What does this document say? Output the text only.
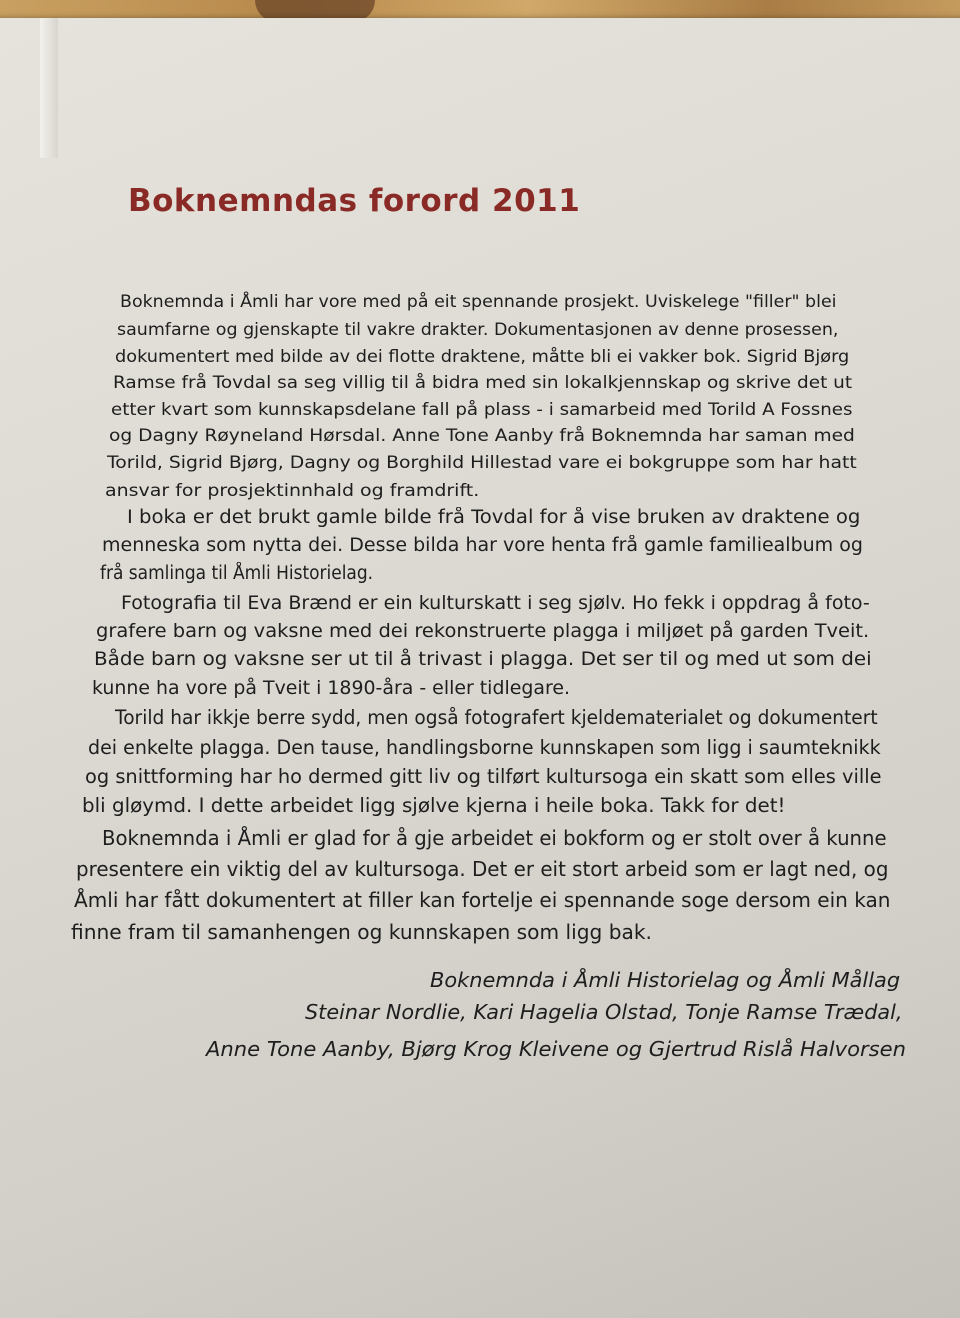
Boknemndas forord 2011
Boknemnda i Åmli har vore med på eit spennande prosjekt. Uviskelege "filler" blei
saumfarne og gjenskapte til vakre drakter. Dokumentasjonen av denne prosessen,
dokumentert med bilde av dei flotte draktene, måtte bli ei vakker bok. Sigrid Bjørg
Ramse frå Tovdal sa seg villig til å bidra med sin lokalkjennskap og skrive det ut
etter kvart som kunnskapsdelane fall på plass - i samarbeid med Torild A Fossnes
og Dagny Røyneland Hørsdal. Anne Tone Aanby frå Boknemnda har saman med
Torild, Sigrid Bjørg, Dagny og Borghild Hillestad vare ei bokgruppe som har hatt
ansvar for prosjektinnhald og framdrift.
I boka er det brukt gamle bilde frå Tovdal for å vise bruken av draktene og
menneska som nytta dei. Desse bilda har vore henta frå gamle familiealbum og
frå samlinga til Åmli Historielag.
Fotografia til Eva Brænd er ein kulturskatt i seg sjølv. Ho fekk i oppdrag å foto-
grafere barn og vaksne med dei rekonstruerte plagga i miljøet på garden Tveit.
Både barn og vaksne ser ut til å trivast i plagga. Det ser til og med ut som dei
kunne ha vore på Tveit i 1890-åra - eller tidlegare.
Torild har ikkje berre sydd, men også fotografert kjeldematerialet og dokumentert
dei enkelte plagga. Den tause, handlingsborne kunnskapen som ligg i saumteknikk
og snittforming har ho dermed gitt liv og tilført kultursoga ein skatt som elles ville
bli gløymd. I dette arbeidet ligg sjølve kjerna i heile boka. Takk for det!
Boknemnda i Åmli er glad for å gje arbeidet ei bokform og er stolt over å kunne
presentere ein viktig del av kultursoga. Det er eit stort arbeid som er lagt ned, og
Åmli har fått dokumentert at filler kan fortelje ei spennande soge dersom ein kan
finne fram til samanhengen og kunnskapen som ligg bak.
Boknemnda i Åmli Historielag og Åmli Mållag
Steinar Nordlie, Kari Hagelia Olstad, Tonje Ramse Trædal,
Anne Tone Aanby, Bjørg Krog Kleivene og Gjertrud Rislå Halvorsen
